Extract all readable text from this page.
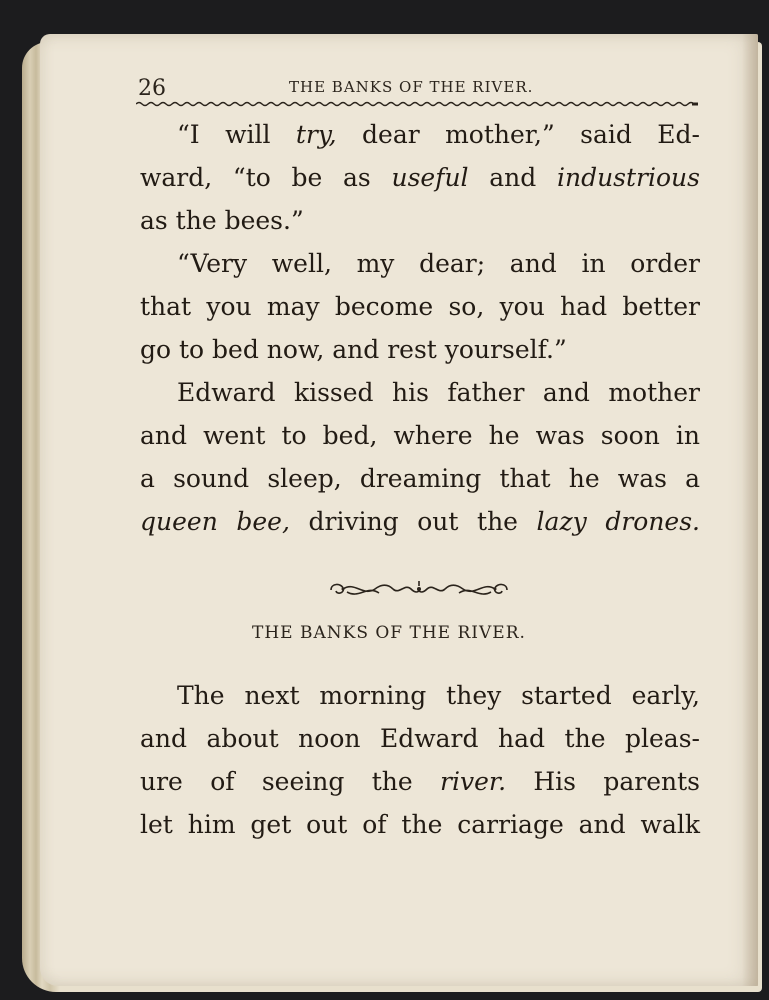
26	THE BANKS OF THE RIVER.
“I will try, dear mother,” said Ed-
ward, “to be as useful and industrious
as the bees.”
“Very well, my dear; and in order
that you may become so, you had better
go to bed now, and rest yourself.”
Edward kissed his father and mother
and went to bed, where he was soon in
a sound sleep, dreaming that he was a
queen bee, driving out the lazy drones.
THE BANKS OF THE RIVER.
The next morning they started early,
and about noon Edward had the pleas-
ure of seeing the river. His parents
let him get out of the carriage and walk
